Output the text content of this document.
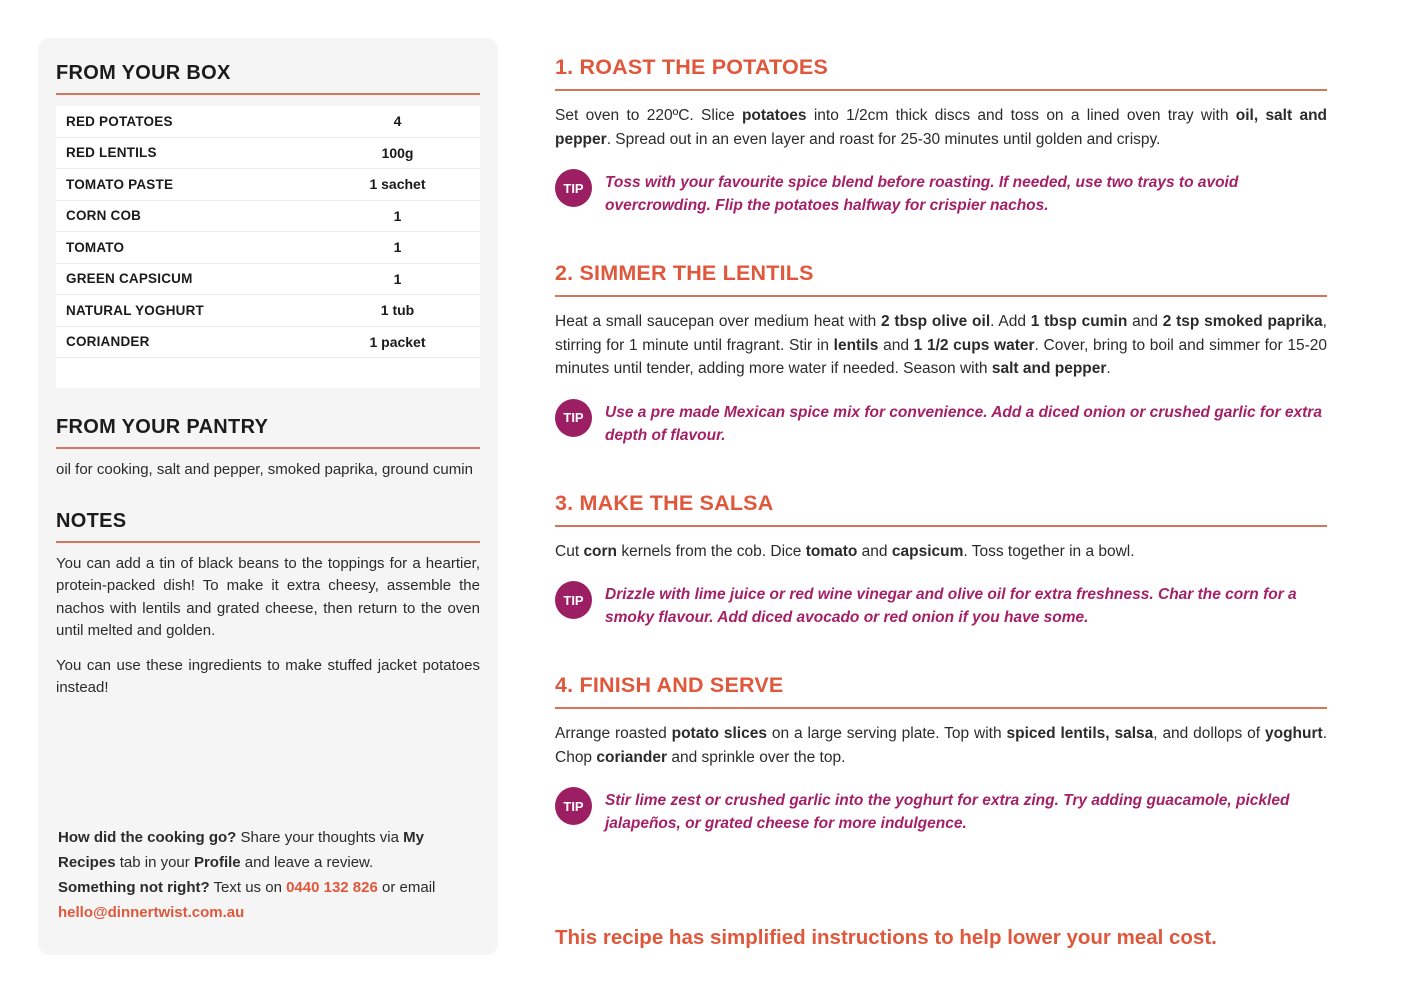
FROM YOUR BOX
RED POTATOES	4
RED LENTILS	100g
TOMATO PASTE	1 sachet
CORN COB	1
TOMATO	1
GREEN CAPSICUM	1
NATURAL YOGHURT	1 tub
CORIANDER	1 packet
FROM YOUR PANTRY

oil for cooking, salt and pepper, smoked paprika, ground cumin

NOTES

You can add a tin of black beans to the toppings for a heartier, protein-packed dish! To make it extra cheesy, assemble the nachos with lentils and grated cheese, then return to the oven until melted and golden.

You can use these ingredients to make stuffed jacket potatoes instead!

How did the cooking go? Share your thoughts via My Recipes tab in your Profile and leave a review.

Something not right? Text us on 0440 132 826 or email hello@dinnertwist.com.au

1. ROAST THE POTATOES

Set oven to 220ºC. Slice potatoes into 1/2cm thick discs and toss on a lined oven tray with oil, salt and pepper. Spread out in an even layer and roast for 25-30 minutes until golden and crispy.

TIP	Toss with your favourite spice blend before roasting. If needed, use two trays to avoid overcrowding. Flip the potatoes halfway for crispier nachos.
2. SIMMER THE LENTILS

Heat a small saucepan over medium heat with 2 tbsp olive oil. Add 1 tbsp cumin and 2 tsp smoked paprika, stirring for 1 minute until fragrant. Stir in lentils and 1 1/2 cups water. Cover, bring to boil and simmer for 15-20 minutes until tender, adding more water if needed. Season with salt and pepper.

TIP	Use a pre made Mexican spice mix for convenience. Add a diced onion or crushed garlic for extra depth of flavour.
3. MAKE THE SALSA

Cut corn kernels from the cob. Dice tomato and capsicum. Toss together in a bowl.

TIP	Drizzle with lime juice or red wine vinegar and olive oil for extra freshness. Char the corn for a smoky flavour. Add diced avocado or red onion if you have some.
4. FINISH AND SERVE

Arrange roasted potato slices on a large serving plate. Top with spiced lentils, salsa, and dollops of yoghurt. Chop coriander and sprinkle over the top.

TIP	Stir lime zest or crushed garlic into the yoghurt for extra zing. Try adding guacamole, pickled jalapeños, or grated cheese for more indulgence.
This recipe has simplified instructions to help lower your meal cost.
